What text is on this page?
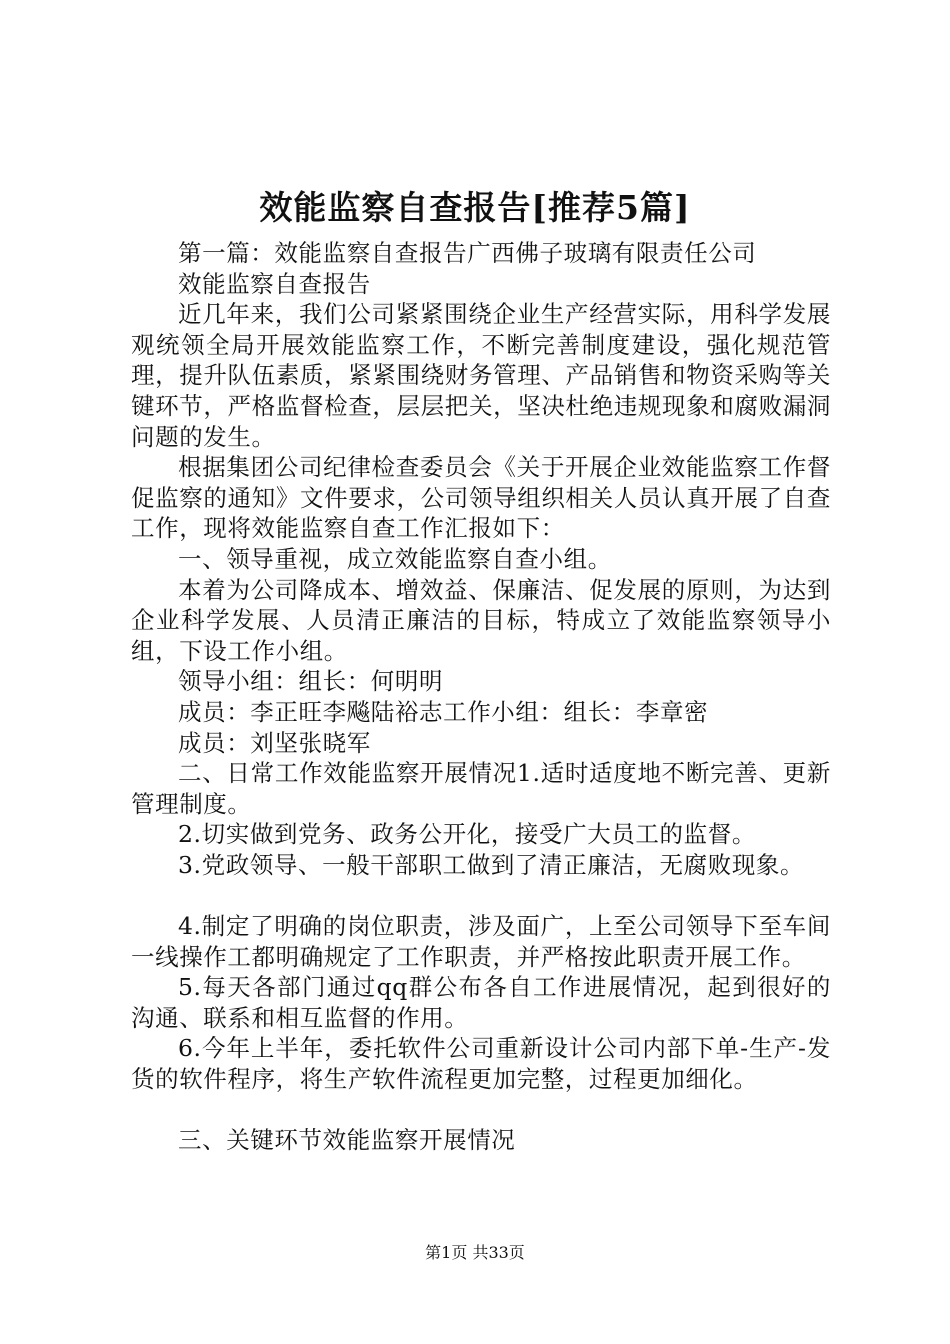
效能监察自查报告[推荐5篇]

第一篇：效能监察自查报告广西佛子玻璃有限责任公司

效能监察自查报告

近几年来，我们公司紧紧围绕企业生产经营实际，用科学发展观统领全局开展效能监察工作，不断完善制度建设，强化规范管理，提升队伍素质，紧紧围绕财务管理、产品销售和物资采购等关键环节，严格监督检查，层层把关，坚决杜绝违规现象和腐败漏洞问题的发生。

根据集团公司纪律检查委员会《关于开展企业效能监察工作督促监察的通知》文件要求，公司领导组织相关人员认真开展了自查工作，现将效能监察自查工作汇报如下：

一、领导重视，成立效能监察自查小组。

本着为公司降成本、增效益、保廉洁、促发展的原则，为达到企业科学发展、人员清正廉洁的目标，特成立了效能监察领导小组，下设工作小组。

领导小组：组长：何明明

成员：李正旺李飚陆裕志工作小组：组长：李章密

成员：刘坚张晓军

二、日常工作效能监察开展情况1.适时适度地不断完善、更新管理制度。

2.切实做到党务、政务公开化，接受广大员工的监督。

3.党政领导、一般干部职工做到了清正廉洁，无腐败现象。

4.制定了明确的岗位职责，涉及面广，上至公司领导下至车间一线操作工都明确规定了工作职责，并严格按此职责开展工作。

5.每天各部门通过qq群公布各自工作进展情况，起到很好的沟通、联系和相互监督的作用。

6.今年上半年，委托软件公司重新设计公司内部下单-生产-发货的软件程序，将生产软件流程更加完整，过程更加细化。

三、关键环节效能监察开展情况

第1页 共33页
